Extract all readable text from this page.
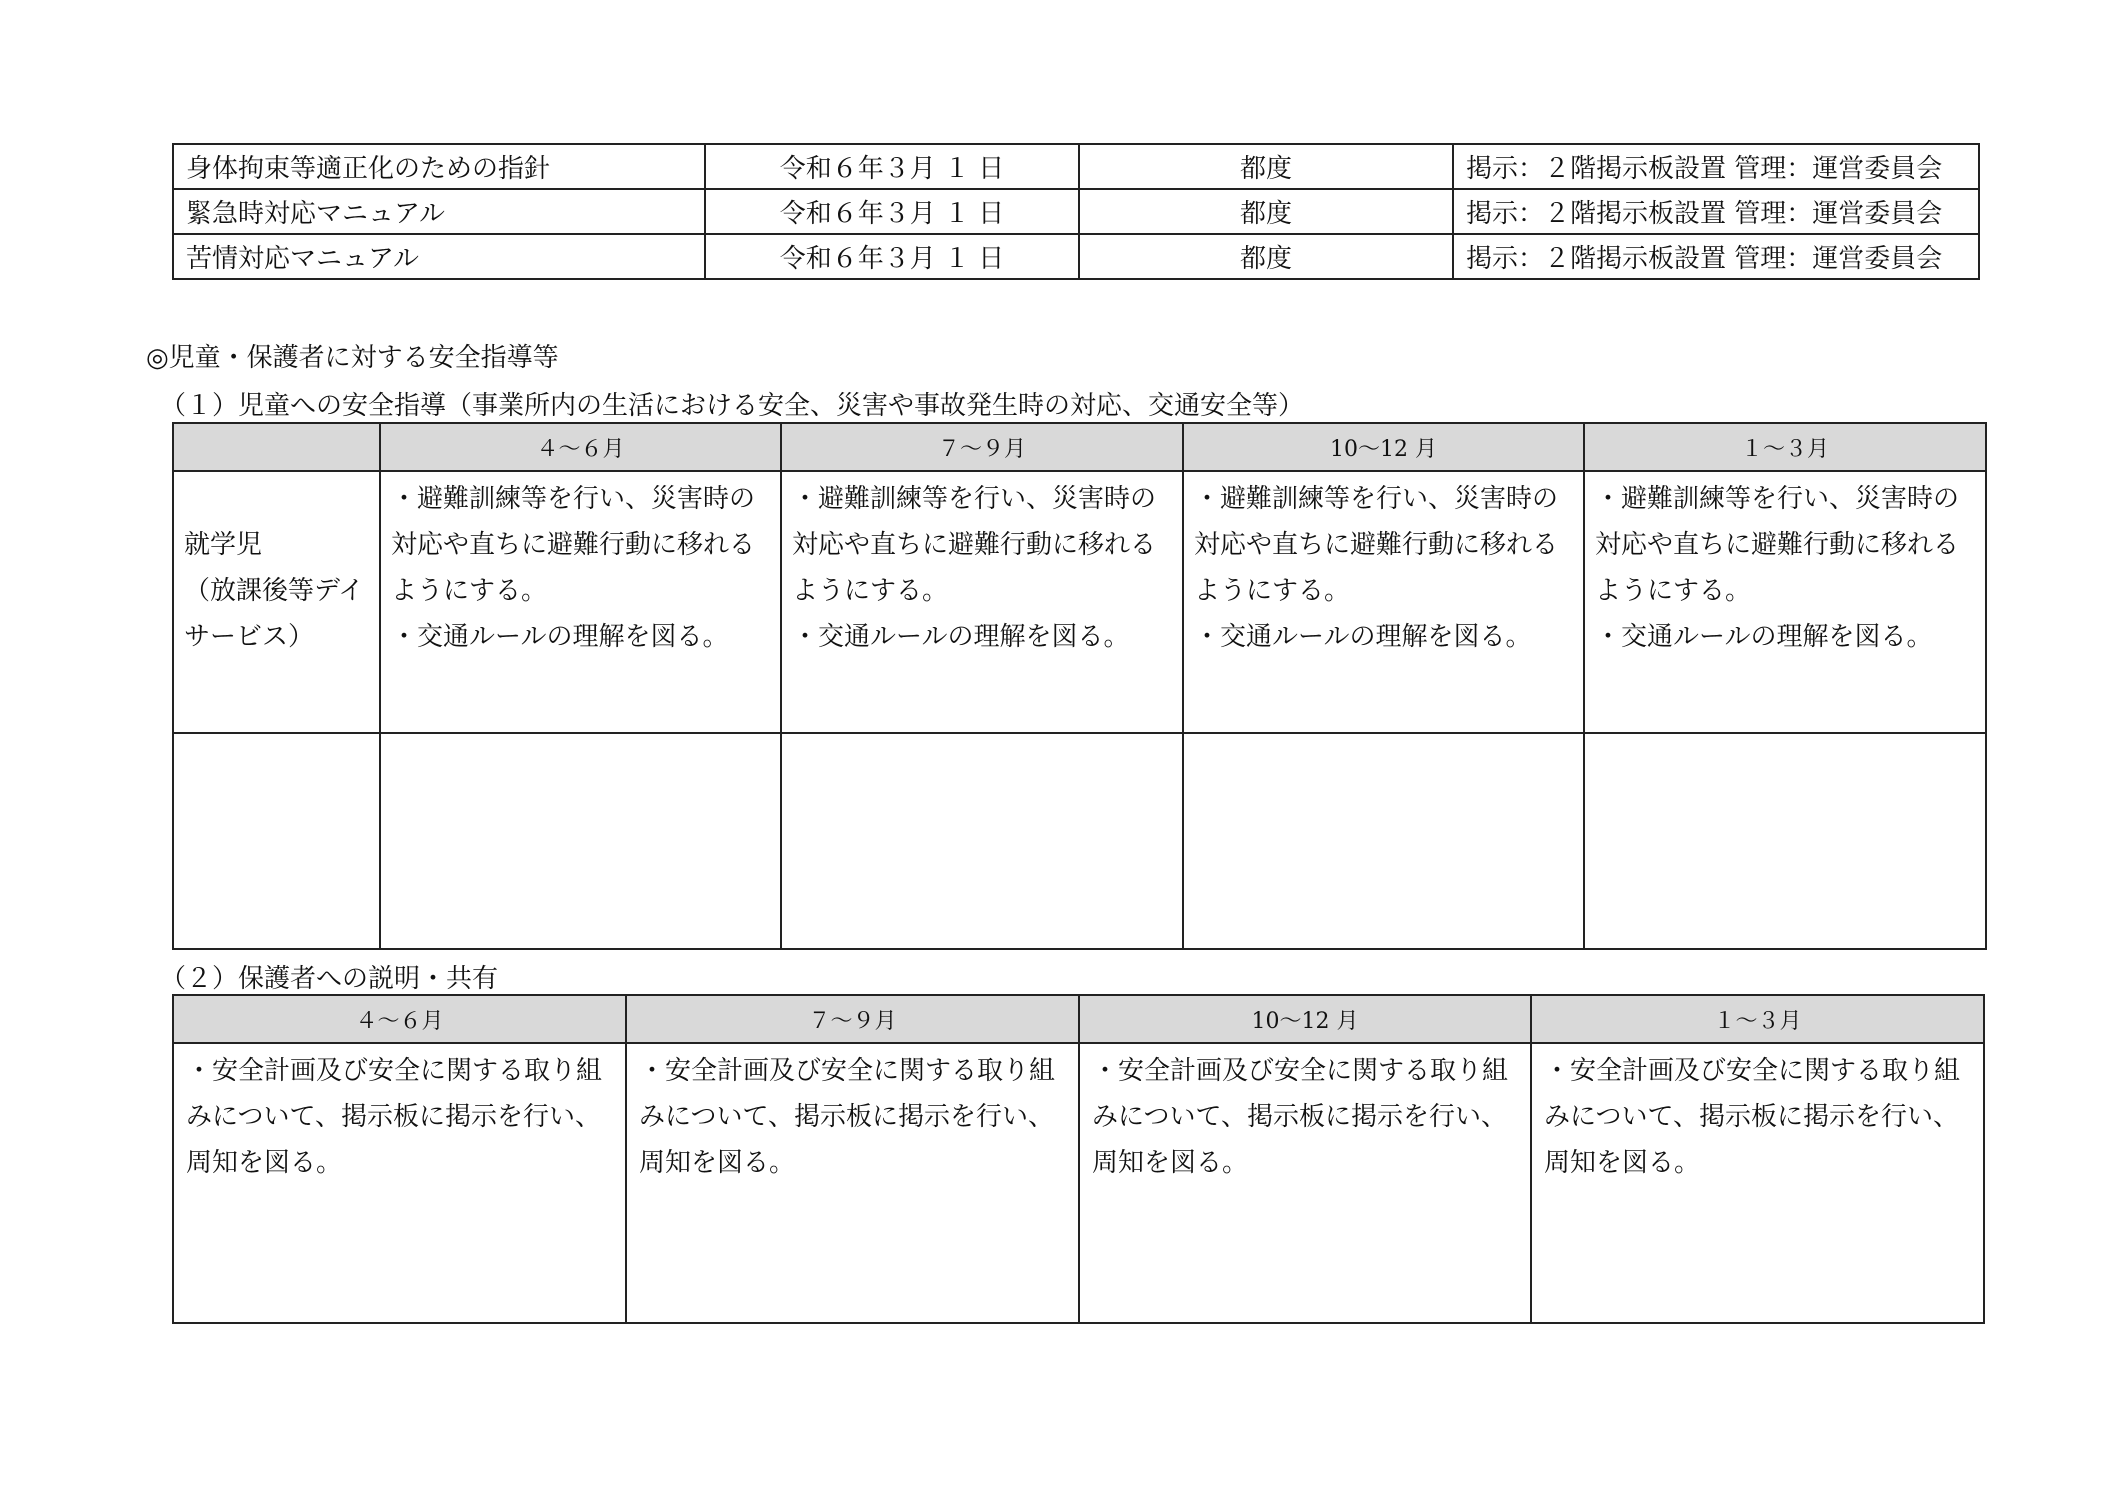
身体拘束等適正化のための指針	令和６年３月 １ 日	都度	掲示：２階掲示板設置 管理：運営委員会
緊急時対応マニュアル	令和６年３月 １ 日	都度	掲示：２階掲示板設置 管理：運営委員会
苦情対応マニュアル	令和６年３月 １ 日	都度	掲示：２階掲示板設置 管理：運営委員会
◎児童・保護者に対する安全指導等
（１）児童への安全指導（事業所内の生活における安全、災害や事故発生時の対応、交通安全等）
	４～６月	７～９月	10～12 月	１～３月

就学児
（放課後等デイ
サービス）	・避難訓練等を行い、災害時の
対応や直ちに避難行動に移れる
ようにする。
・交通ルールの理解を図る。	・避難訓練等を行い、災害時の
対応や直ちに避難行動に移れる
ようにする。
・交通ルールの理解を図る。	・避難訓練等を行い、災害時の
対応や直ちに避難行動に移れる
ようにする。
・交通ルールの理解を図る。	・避難訓練等を行い、災害時の
対応や直ちに避難行動に移れる
ようにする。
・交通ルールの理解を図る。

（２）保護者への説明・共有
４～６月	７～９月	10～12 月	１～３月

・安全計画及び安全に関する取り組
みについて、掲示板に掲示を行い、
周知を図る。	・安全計画及び安全に関する取り組
みについて、掲示板に掲示を行い、
周知を図る。	・安全計画及び安全に関する取り組
みについて、掲示板に掲示を行い、
周知を図る。	・安全計画及び安全に関する取り組
みについて、掲示板に掲示を行い、
周知を図る。
